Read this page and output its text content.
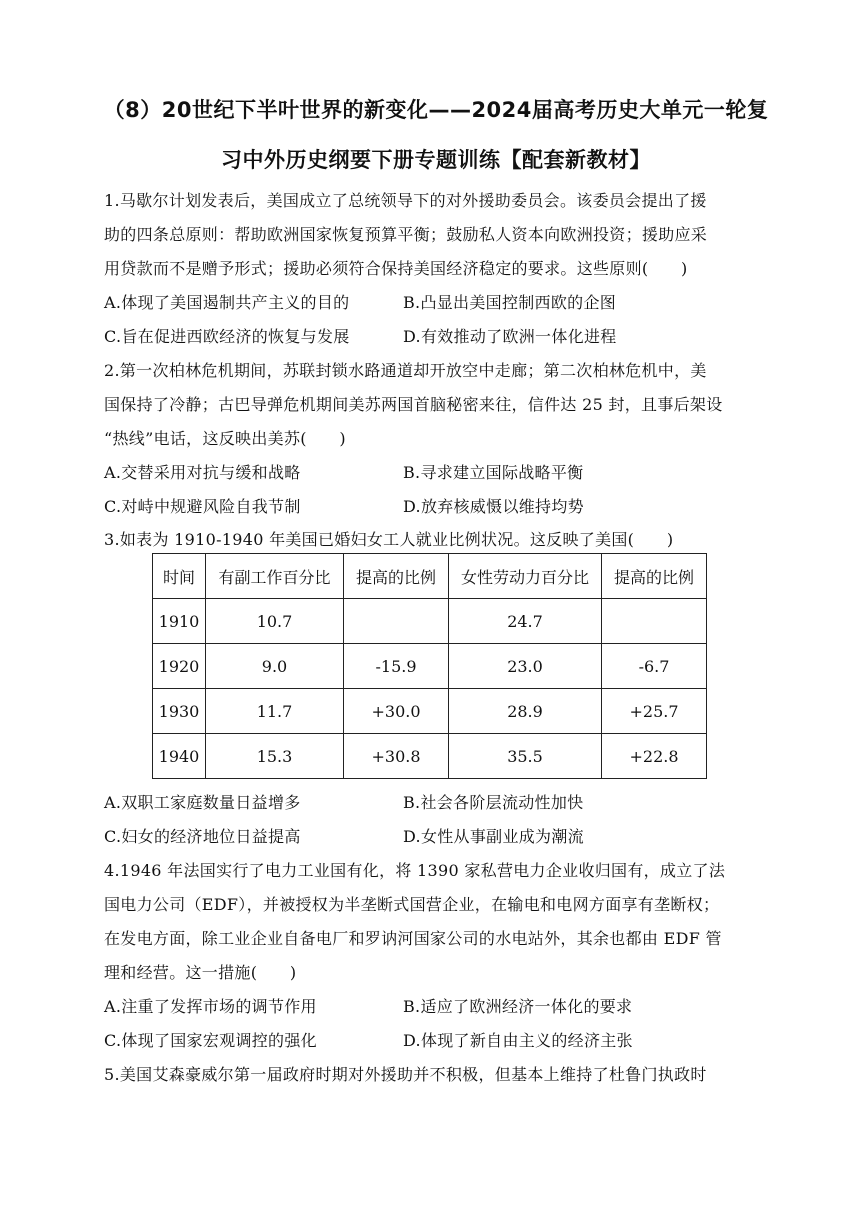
（8）20世纪下半叶世界的新变化——2024届高考历史大单元一轮复
习中外历史纲要下册专题训练【配套新教材】
1.马歇尔计划发表后，美国成立了总统领导下的对外援助委员会。该委员会提出了援
助的四条总原则：帮助欧洲国家恢复预算平衡；鼓励私人资本向欧洲投资；援助应采
用贷款而不是赠予形式；援助必须符合保持美国经济稳定的要求。这些原则(　　)
A.体现了美国遏制共产主义的目的	B.凸显出美国控制西欧的企图
C.旨在促进西欧经济的恢复与发展	D.有效推动了欧洲一体化进程
2.第一次柏林危机期间，苏联封锁水路通道却开放空中走廊；第二次柏林危机中，美
国保持了冷静；古巴导弹危机期间美苏两国首脑秘密来往，信件达 25 封，且事后架设
“热线”电话，这反映出美苏(　　)
A.交替采用对抗与缓和战略	B.寻求建立国际战略平衡
C.对峙中规避风险自我节制	D.放弃核威慑以维持均势
3.如表为 1910-1940 年美国已婚妇女工人就业比例状况。这反映了美国(　　)
时间	有副工作百分比	提高的比例	女性劳动力百分比	提高的比例
1910	10.7		24.7	
1920	9.0	-15.9	23.0	-6.7
1930	11.7	+30.0	28.9	+25.7
1940	15.3	+30.8	35.5	+22.8
A.双职工家庭数量日益增多	B.社会各阶层流动性加快
C.妇女的经济地位日益提高	D.女性从事副业成为潮流
4.1946 年法国实行了电力工业国有化，将 1390 家私营电力企业收归国有，成立了法
国电力公司（EDF），并被授权为半垄断式国营企业，在输电和电网方面享有垄断权；
在发电方面，除工业企业自备电厂和罗讷河国家公司的水电站外，其余也都由 EDF 管
理和经营。这一措施(　　)
A.注重了发挥市场的调节作用	B.适应了欧洲经济一体化的要求
C.体现了国家宏观调控的强化	D.体现了新自由主义的经济主张
5.美国艾森豪威尔第一届政府时期对外援助并不积极，但基本上维持了杜鲁门执政时
